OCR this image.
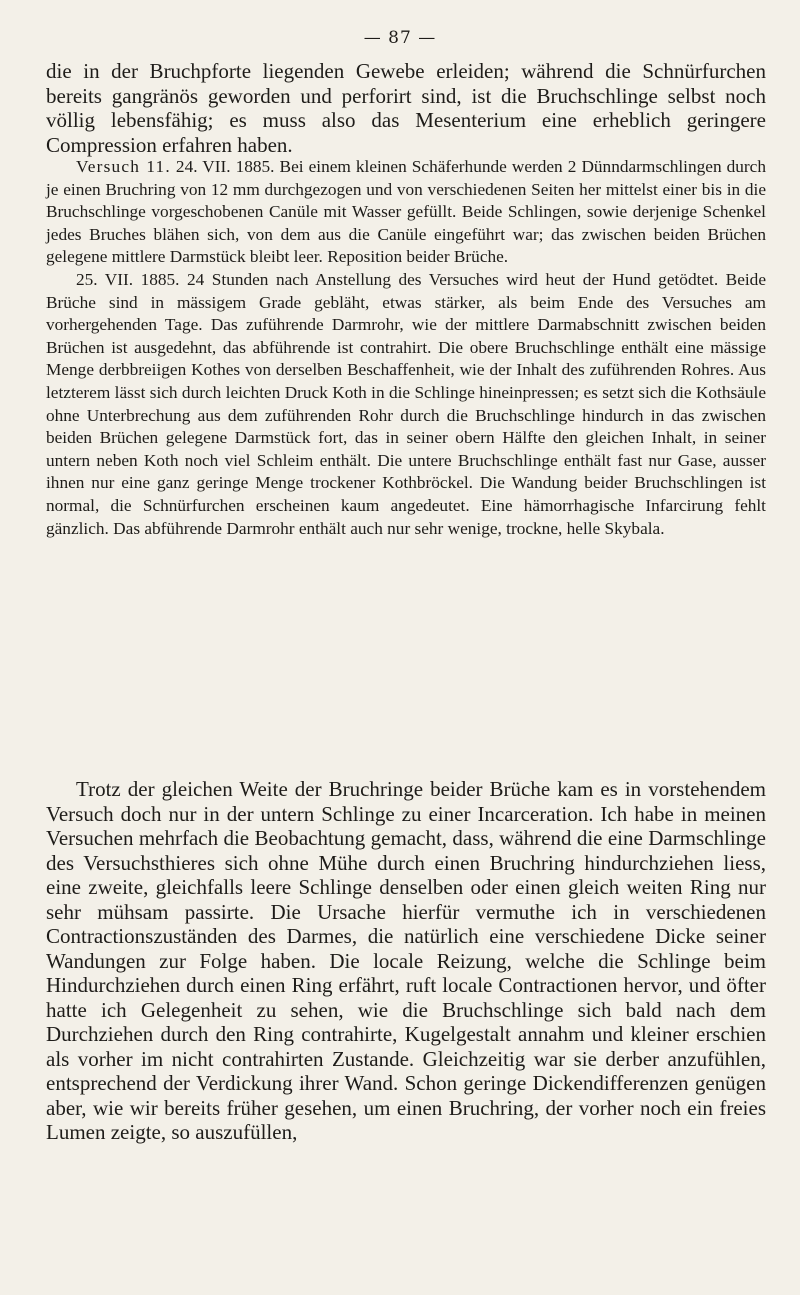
— 87 —

die in der Bruchpforte liegenden Gewebe erleiden; während die Schnürfurchen bereits gangränös geworden und perforirt sind, ist die Bruchschlinge selbst noch völlig lebensfähig; es muss also das Mesenterium eine erheblich geringere Compression erfahren haben.

Versuch 11. 24. VII. 1885. Bei einem kleinen Schäferhunde werden 2 Dünndarmschlingen durch je einen Bruchring von 12 mm durchgezogen und von verschiedenen Seiten her mittelst einer bis in die Bruchschlinge vorgeschobenen Canüle mit Wasser gefüllt. Beide Schlingen, sowie derjenige Schenkel jedes Bruches blähen sich, von dem aus die Canüle eingeführt war; das zwischen beiden Brüchen gelegene mittlere Darmstück bleibt leer. Reposition beider Brüche.

25. VII. 1885. 24 Stunden nach Anstellung des Versuches wird heut der Hund getödtet. Beide Brüche sind in mässigem Grade gebläht, etwas stärker, als beim Ende des Versuches am vorhergehenden Tage. Das zuführende Darmrohr, wie der mittlere Darmabschnitt zwischen beiden Brüchen ist ausgedehnt, das abführende ist contrahirt. Die obere Bruchschlinge enthält eine mässige Menge derbbreiigen Kothes von derselben Beschaffenheit, wie der Inhalt des zuführenden Rohres. Aus letzterem lässt sich durch leichten Druck Koth in die Schlinge hineinpressen; es setzt sich die Kothsäule ohne Unterbrechung aus dem zuführenden Rohr durch die Bruchschlinge hindurch in das zwischen beiden Brüchen gelegene Darmstück fort, das in seiner obern Hälfte den gleichen Inhalt, in seiner untern neben Koth noch viel Schleim enthält. Die untere Bruchschlinge enthält fast nur Gase, ausser ihnen nur eine ganz geringe Menge trockener Kothbröckel. Die Wandung beider Bruchschlingen ist normal, die Schnürfurchen erscheinen kaum angedeutet. Eine hämorrhagische Infarcirung fehlt gänzlich. Das abführende Darmrohr enthält auch nur sehr wenige, trockne, helle Skybala.

Trotz der gleichen Weite der Bruchringe beider Brüche kam es in vorstehendem Versuch doch nur in der untern Schlinge zu einer Incarceration. Ich habe in meinen Versuchen mehrfach die Beobachtung gemacht, dass, während die eine Darmschlinge des Versuchsthieres sich ohne Mühe durch einen Bruchring hindurchziehen liess, eine zweite, gleichfalls leere Schlinge denselben oder einen gleich weiten Ring nur sehr mühsam passirte. Die Ursache hierfür vermuthe ich in verschiedenen Contractionszuständen des Darmes, die natürlich eine verschiedene Dicke seiner Wandungen zur Folge haben. Die locale Reizung, welche die Schlinge beim Hindurchziehen durch einen Ring erfährt, ruft locale Contractionen hervor, und öfter hatte ich Gelegenheit zu sehen, wie die Bruchschlinge sich bald nach dem Durchziehen durch den Ring contrahirte, Kugelgestalt annahm und kleiner erschien als vorher im nicht contrahirten Zustande. Gleichzeitig war sie derber anzufühlen, entsprechend der Verdickung ihrer Wand. Schon geringe Dickendifferenzen genügen aber, wie wir bereits früher gesehen, um einen Bruchring, der vorher noch ein freies Lumen zeigte, so auszufüllen,
